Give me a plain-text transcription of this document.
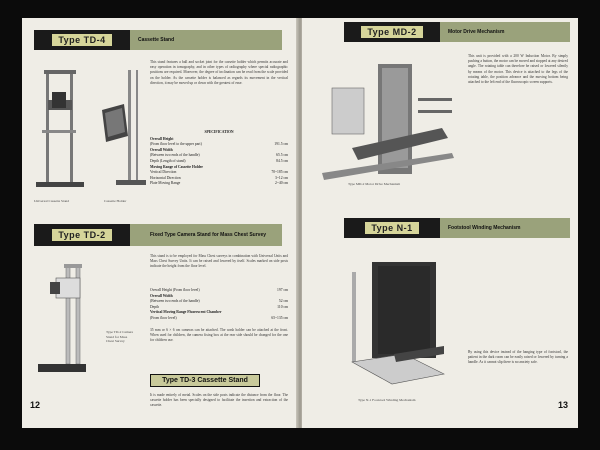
Type TD-4	Cassette Stand
Universal Cassette Stand	Cassette Holder
This stand features a ball and socket joint for the cassette holder which permits accurate and easy operation in tomography, and in other types of radiography where special radiographic positions are required. Moreover, the degree of inclination can be read from the scale provided on the holder. As the cassette holder is balanced as regards its movement in the vertical direction, it may be moved up or down with the greatest of ease.
SPECIFICATION
Overall Height
(From floor level to the upper part)	191.5 cm
Overall Width
(Between two ends of the handle)	65.5 cm
Depth (Length of stand)	84.5 cm
Moving Range of Cassette Holder
Vertical Direction	70~185 cm
Horizontal Direction	3~12 cm
Plate Moving Range	2~40 cm
Type TD-2	Fixed Type Camera Stand for Mass Chest Survey
Type TD-2 Camera Stand for Mass Chest Survey
This stand is to be employed for Mass Chest surveys in combination with Universal Units and Mass Chest Survey Units. It can be raised and lowered by itself. Scales marked on side posts indicate the height from the floor level.
Overall Height (From floor level)	197 cm
Overall Width
(Between two ends of the handle)	52 cm
Depth	110 cm
Vertical Moving Range Fluorescent Chamber
(From floor level)	65~135 cm
35 mm or 6 × 6 cm cameras can be attached. The wash holder can be attached at the front. When used for children, the camera fixing box at the rear side should be changed for the one for children use.
Type TD-3 Cassette Stand
It is made entirely of metal. Scales on the side posts indicate the distance from the floor. The cassette holder has been specially designed to facilitate the insertion and extraction of the cassette.
12
Type MD-2	Motor Drive Mechanism
Type MD-2 Motor Drive Mechanism
This unit is provided with a 200 W Induction Motor. By simply pushing a button, the motor can be moved and stopped at any desired angle. The rotating table can therefore be raised or lowered silently by means of the motor. This device is attached to the legs of the rotating table, the position advance and the moving bottom being attached to the left end of the fluoroscopic screen supports.
Type N-1	Footstool Winding Mechanism
Type N-1 Footstool Winding Mechanism
By using this device instead of the hanging type of footstool, the patient in the dark room can be easily raised or lowered by turning a handle. As it cannot slip there is no anxiety safe.
13
